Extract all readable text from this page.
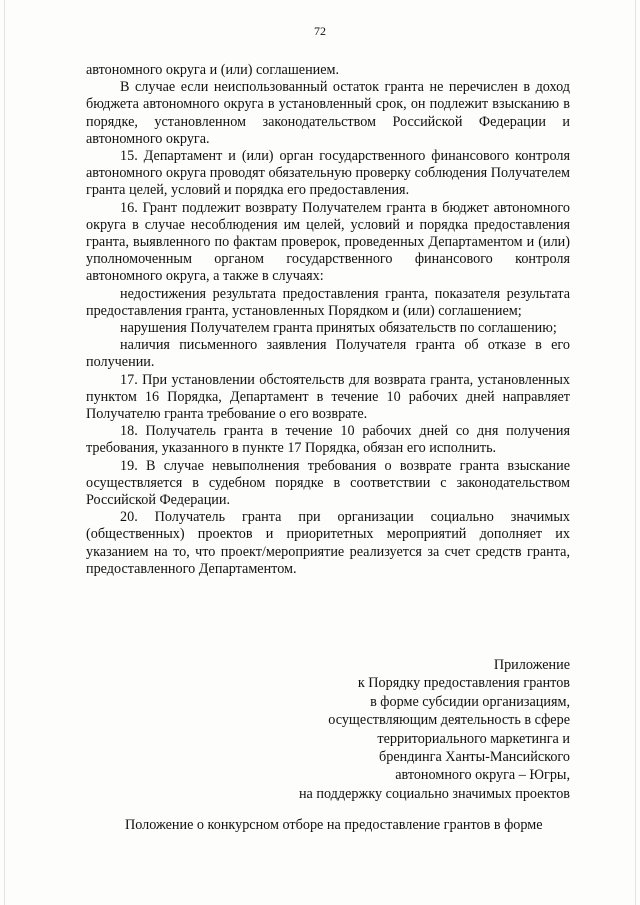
72

автономного округа и (или) соглашением.

В случае если неиспользованный остаток гранта не перечислен в доход бюджета автономного округа в установленный срок, он подлежит взысканию в порядке, установленном законодательством Российской Федерации и автономного округа.

15. Департамент и (или) орган государственного финансового контроля автономного округа проводят обязательную проверку соблюдения Получателем гранта целей, условий и порядка его предоставления.

16. Грант подлежит возврату Получателем гранта в бюджет автономного округа в случае несоблюдения им целей, условий и порядка предоставления гранта, выявленного по фактам проверок, проведенных Департаментом и (или) уполномоченным органом государственного финансового контроля автономного округа, а также в случаях:

недостижения результата предоставления гранта, показателя результата предоставления гранта, установленных Порядком и (или) соглашением;

нарушения Получателем гранта принятых обязательств по соглашению;

наличия письменного заявления Получателя гранта об отказе в его получении.

17. При установлении обстоятельств для возврата гранта, установленных пунктом 16 Порядка, Департамент в течение 10 рабочих дней направляет Получателю гранта требование о его возврате.

18. Получатель гранта в течение 10 рабочих дней со дня получения требования, указанного в пункте 17 Порядка, обязан его исполнить.

19. В случае невыполнения требования о возврате гранта взыскание осуществляется в судебном порядке в соответствии с законодательством Российской Федерации.

20. Получатель гранта при организации социально значимых (общественных) проектов и приоритетных мероприятий дополняет их указанием на то, что проект/мероприятие реализуется за счет средств гранта, предоставленного Департаментом.

Приложение
к Порядку предоставления грантов
в форме субсидии организациям,
осуществляющим деятельность в сфере
территориального маркетинга и
брендинга Ханты-Мансийского
автономного округа – Югры,
на поддержку социально значимых проектов
Положение о конкурсном отборе на предоставление грантов в форме
